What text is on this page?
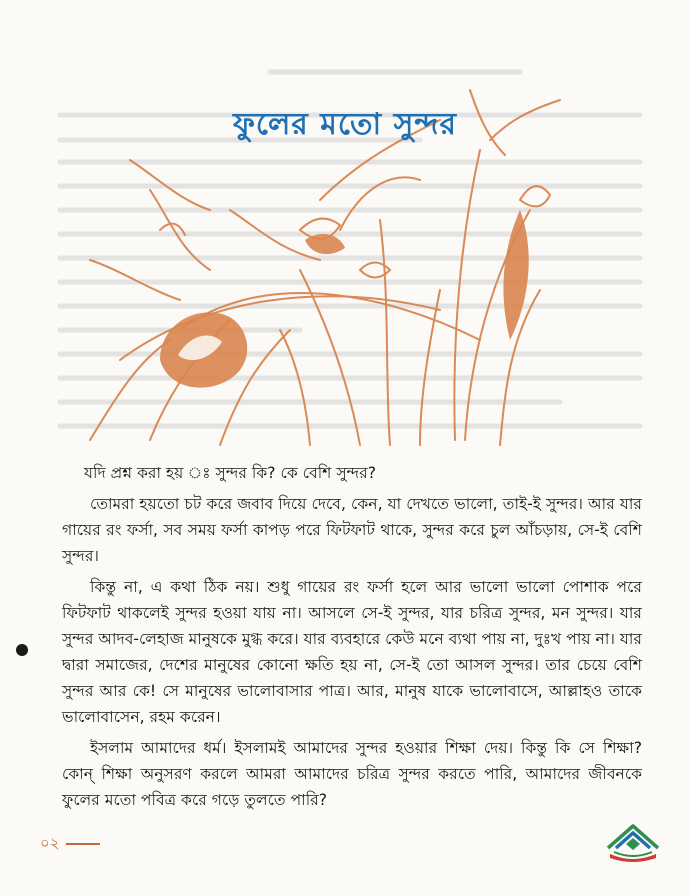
ফুলের মতো সুন্দর

যদি প্রশ্ন করা হয় ঃ সুন্দর কি? কে বেশি সুন্দর?

তোমরা হয়তো চট করে জবাব দিয়ে দেবে, কেন, যা দেখতে ভালো, তাই-ই সুন্দর। আর যার গায়ের রং ফর্সা, সব সময় ফর্সা কাপড় পরে ফিটফাট থাকে, সুন্দর করে চুল আঁচড়ায়, সে-ই বেশি সুন্দর।

কিন্তু না, এ কথা ঠিক নয়। শুধু গায়ের রং ফর্সা হলে আর ভালো ভালো পোশাক পরে ফিটফাট থাকলেই সুন্দর হওয়া যায় না। আসলে সে-ই সুন্দর, যার চরিত্র সুন্দর, মন সুন্দর। যার সুন্দর আদব-লেহাজ মানুষকে মুগ্ধ করে। যার ব্যবহারে কেউ মনে ব্যথা পায় না, দুঃখ পায় না। যার দ্বারা সমাজের, দেশের মানুষের কোনো ক্ষতি হয় না, সে-ই তো আসল সুন্দর। তার চেয়ে বেশি সুন্দর আর কে! সে মানুষের ভালোবাসার পাত্র। আর, মানুষ যাকে ভালোবাসে, আল্লাহও তাকে ভালোবাসেন, রহম করেন।

ইসলাম আমাদের ধর্ম। ইসলামই আমাদের সুন্দর হওয়ার শিক্ষা দেয়। কিন্তু কি সে শিক্ষা? কোন্ শিক্ষা অনুসরণ করলে আমরা আমাদের চরিত্র সুন্দর করতে পারি, আমাদের জীবনকে ফুলের মতো পবিত্র করে গড়ে তুলতে পারি?

০২
